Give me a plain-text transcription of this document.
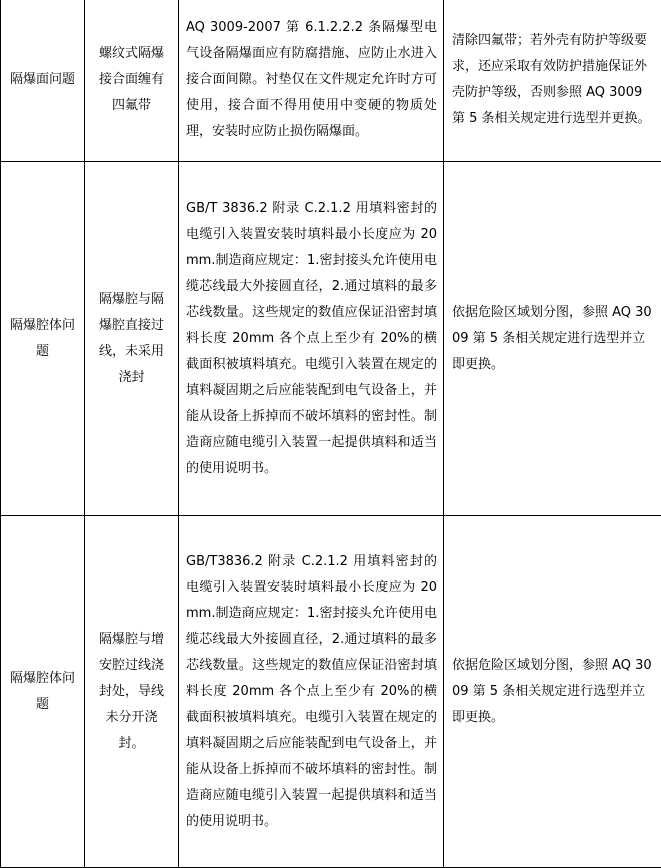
隔爆面问题	螺纹式隔爆接合面缠有四氟带	AQ 3009-2007 第 6.1.2.2.2 条隔爆型电气设备隔爆面应有防腐措施、应防止水进入接合面间隙。衬垫仅在文件规定允许时方可使用，接合面不得用使用中变硬的物质处理，安装时应防止损伤隔爆面。	清除四氟带；若外壳有防护等级要求，还应采取有效防护措施保证外壳防护等级，否则参照 AQ 3009 第 5 条相关规定进行选型并更换。

隔爆腔体问题	隔爆腔与隔爆腔直接过线，未采用浇封	GB/T 3836.2 附录 C.2.1.2 用填料密封的电缆引入装置安装时填料最小长度应为 20mm.制造商应规定：1.密封接头允许使用电缆芯线最大外接圆直径，2.通过填料的最多芯线数量。这些规定的数值应保证沿密封填料长度 20mm 各个点上至少有 20%的横截面积被填料填充。电缆引入装置在规定的填料凝固期之后应能装配到电气设备上，并能从设备上拆掉而不破坏填料的密封性。制造商应随电缆引入装置一起提供填料和适当的使用说明书。	依据危险区域划分图，参照 AQ 3009 第 5 条相关规定进行选型并立即更换。

隔爆腔体问题	隔爆腔与增安腔过线浇封处，导线未分开浇封。	GB/T3836.2 附录 C.2.1.2 用填料密封的电缆引入装置安装时填料最小长度应为 20mm.制造商应规定：1.密封接头允许使用电缆芯线最大外接圆直径，2.通过填料的最多芯线数量。这些规定的数值应保证沿密封填料长度 20mm 各个点上至少有 20%的横截面积被填料填充。电缆引入装置在规定的填料凝固期之后应能装配到电气设备上，并能从设备上拆掉而不破坏填料的密封性。制造商应随电缆引入装置一起提供填料和适当的使用说明书。	依据危险区域划分图，参照 AQ 3009 第 5 条相关规定进行选型并立即更换。
